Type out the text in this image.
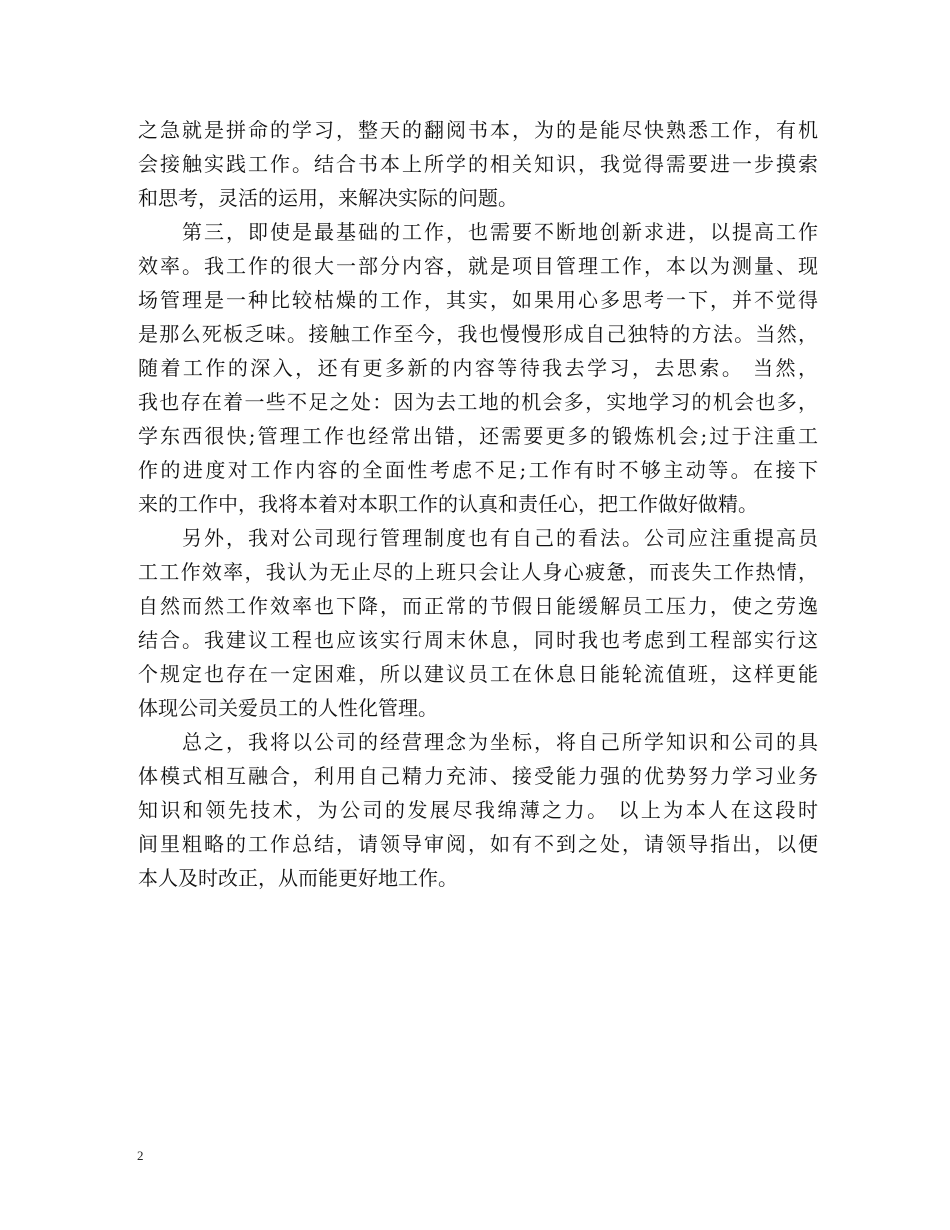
之急就是拼命的学习，整天的翻阅书本，为的是能尽快熟悉工作，有机
会接触实践工作。结合书本上所学的相关知识，我觉得需要进一步摸索
和思考，灵活的运用，来解决实际的问题。
第三，即使是最基础的工作，也需要不断地创新求进，以提高工作
效率。我工作的很大一部分内容，就是项目管理工作，本以为测量、现
场管理是一种比较枯燥的工作，其实，如果用心多思考一下，并不觉得
是那么死板乏味。接触工作至今，我也慢慢形成自己独特的方法。当然，
随着工作的深入，还有更多新的内容等待我去学习，去思索。 当然，
我也存在着一些不足之处：因为去工地的机会多，实地学习的机会也多，
学东西很快;管理工作也经常出错，还需要更多的锻炼机会;过于注重工
作的进度对工作内容的全面性考虑不足;工作有时不够主动等。在接下
来的工作中，我将本着对本职工作的认真和责任心，把工作做好做精。
另外，我对公司现行管理制度也有自己的看法。公司应注重提高员
工工作效率，我认为无止尽的上班只会让人身心疲惫，而丧失工作热情，
自然而然工作效率也下降，而正常的节假日能缓解员工压力，使之劳逸
结合。我建议工程也应该实行周末休息，同时我也考虑到工程部实行这
个规定也存在一定困难，所以建议员工在休息日能轮流值班，这样更能
体现公司关爱员工的人性化管理。
总之，我将以公司的经营理念为坐标，将自己所学知识和公司的具
体模式相互融合，利用自己精力充沛、接受能力强的优势努力学习业务
知识和领先技术，为公司的发展尽我绵薄之力。 以上为本人在这段时
间里粗略的工作总结，请领导审阅，如有不到之处，请领导指出，以便
本人及时改正，从而能更好地工作。
2
